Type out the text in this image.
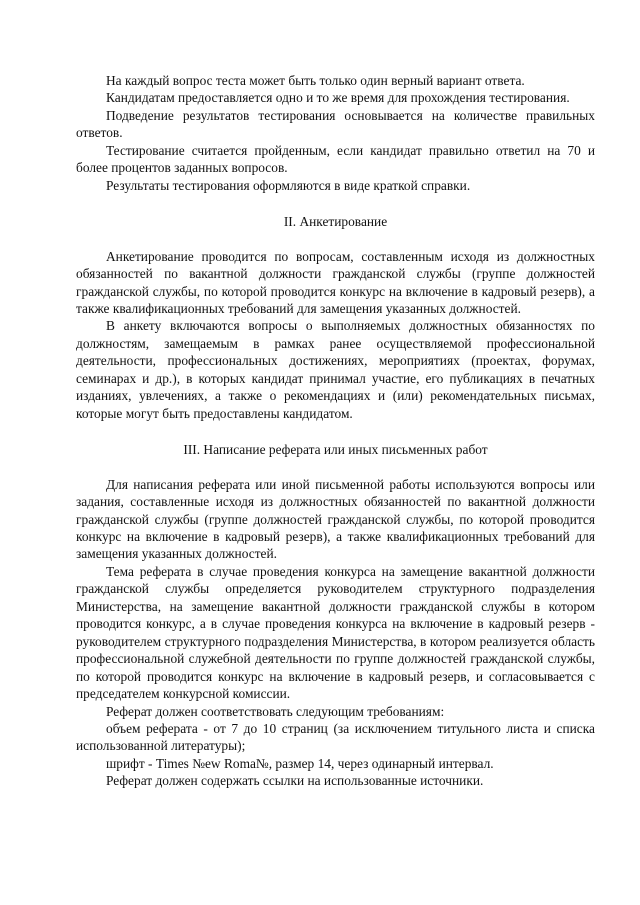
На каждый вопрос теста может быть только один верный вариант ответа.

Кандидатам предоставляется одно и то же время для прохождения тестирования.

Подведение результатов тестирования основывается на количестве правильных ответов.

Тестирование считается пройденным, если кандидат правильно ответил на 70 и более процентов заданных вопросов.

Результаты тестирования оформляются в виде краткой справки.

II. Анкетирование

Анкетирование проводится по вопросам, составленным исходя из должностных обязанностей по вакантной должности гражданской службы (группе должностей гражданской службы, по которой проводится конкурс на включение в кадровый резерв), а также квалификационных требований для замещения указанных должностей.

В анкету включаются вопросы о выполняемых должностных обязанностях по должностям, замещаемым в рамках ранее осуществляемой профессиональной деятельности, профессиональных достижениях, мероприятиях (проектах, форумах, семинарах и др.), в которых кандидат принимал участие, его публикациях в печатных изданиях, увлечениях, а также о рекомендациях и (или) рекомендательных письмах, которые могут быть предоставлены кандидатом.

III. Написание реферата или иных письменных работ

Для написания реферата или иной письменной работы используются вопросы или задания, составленные исходя из должностных обязанностей по вакантной должности гражданской службы (группе должностей гражданской службы, по которой проводится конкурс на включение в кадровый резерв), а также квалификационных требований для замещения указанных должностей.

Тема реферата в случае проведения конкурса на замещение вакантной должности гражданской службы определяется руководителем структурного подразделения Министерства, на замещение вакантной должности гражданской службы в котором проводится конкурс, а в случае проведения конкурса на включение в кадровый резерв - руководителем структурного подразделения Министерства, в котором реализуется область профессиональной служебной деятельности по группе должностей гражданской службы, по которой проводится конкурс на включение в кадровый резерв, и согласовывается с председателем конкурсной комиссии.

Реферат должен соответствовать следующим требованиям:

объем реферата - от 7 до 10 страниц (за исключением титульного листа и списка использованной литературы);

шрифт - Times №ew Roma№, размер 14, через одинарный интервал.

Реферат должен содержать ссылки на использованные источники.
